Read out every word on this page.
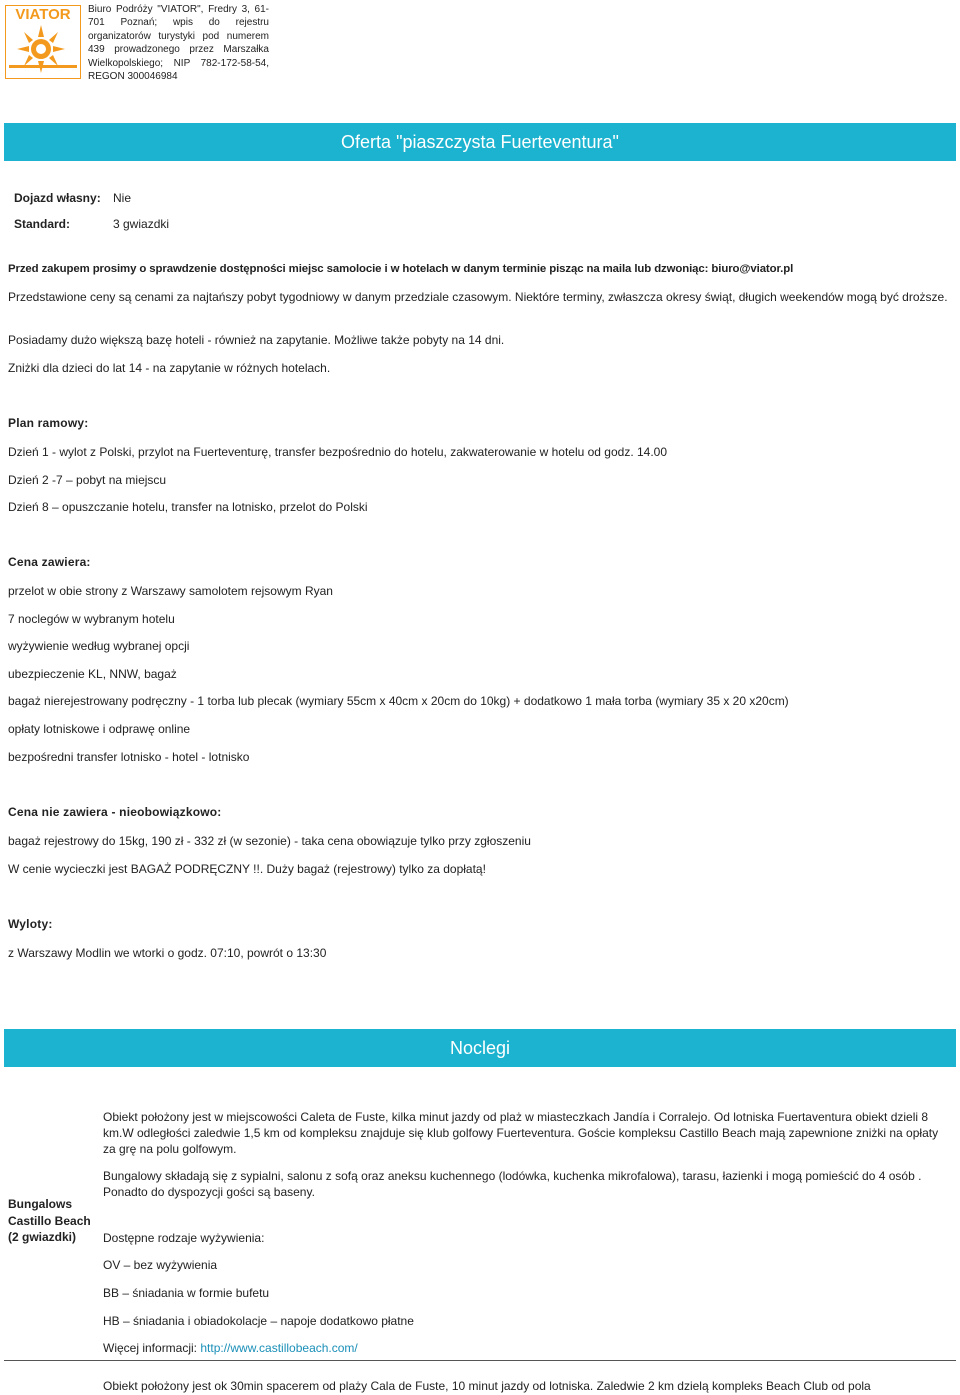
VIATOR Biuro Podróży "VIATOR", Fredry 3, 61-701 Poznań; wpis do rejestru organizatorów turystyki pod numerem 439 prowadzonego przez Marszałka Wielkopolskiego; NIP 782-172-58-54, REGON 300046984
Oferta "piaszczysta Fuerteventura"
Dojazd własny: Nie
Standard:	3 gwiazdki
Przed zakupem prosimy o sprawdzenie dostępności miejsc samolocie i w hotelach w danym terminie pisząc na maila lub dzwoniąc: biuro@viator.pl
Przedstawione ceny są cenami za najtańszy pobyt tygodniowy w danym przedziale czasowym. Niektóre terminy, zwłaszcza okresy świąt, długich weekendów mogą być droższe.
Posiadamy dużo większą bazę hoteli - również na zapytanie. Możliwe także pobyty na 14 dni.
Zniżki dla dzieci do lat 14 - na zapytanie w różnych hotelach.
Plan ramowy:
Dzień 1 - wylot z Polski, przylot na Fuerteventurę, transfer bezpośrednio do hotelu, zakwaterowanie w hotelu od godz. 14.00
Dzień 2 -7 – pobyt na miejscu
Dzień 8 – opuszczanie hotelu, transfer na lotnisko, przelot do Polski
Cena zawiera:
przelot w obie strony z Warszawy samolotem rejsowym Ryan
7 noclegów w wybranym hotelu
wyżywienie według wybranej opcji
ubezpieczenie KL, NNW, bagaż
bagaż nierejestrowany podręczny - 1 torba lub plecak (wymiary 55cm x 40cm x 20cm do 10kg) + dodatkowo 1 mała torba (wymiary 35 x 20 x20cm)
opłaty lotniskowe i odprawę online
bezpośredni transfer lotnisko - hotel - lotnisko
Cena nie zawiera - nieobowiązkowo:
bagaż rejestrowy do 15kg, 190 zł - 332 zł (w sezonie) - taka cena obowiązuje tylko przy zgłoszeniu
W cenie wycieczki jest BAGAŻ PODRĘCZNY !!. Duży bagaż (rejestrowy) tylko za dopłatą!
Wyloty:
z Warszawy Modlin we wtorki o godz. 07:10, powrót o 13:30
Noclegi
Bungalows Castillo Beach (2 gwiazdki)
Obiekt położony jest w miejscowości Caleta de Fuste, kilka minut jazdy od plaż w miasteczkach Jandía i Corralejo. Od lotniska Fuertaventura obiekt dzieli 8 km.W odległości zaledwie 1,5 km od kompleksu znajduje się klub golfowy Fuerteventura. Goście kompleksu Castillo Beach mają zapewnione zniżki na opłaty za grę na polu golfowym.
Bungalowy składają się z sypialni, salonu z sofą oraz aneksu kuchennego (lodówka, kuchenka mikrofalowa), tarasu, łazienki i mogą pomieścić do 4 osób . Ponadto do dyspozycji gości są baseny.
Dostępne rodzaje wyżywienia:
OV – bez wyżywienia
BB – śniadania w formie bufetu
HB – śniadania i obiadokolacje – napoje dodatkowo płatne
Więcej informacji: http://www.castillobeach.com/
Obiekt położony jest ok 30min spacerem od plaży Cala de Fuste, 10 minut jazdy od lotniska. Zaledwie 2 km dzielą kompleks Beach Club od pola
